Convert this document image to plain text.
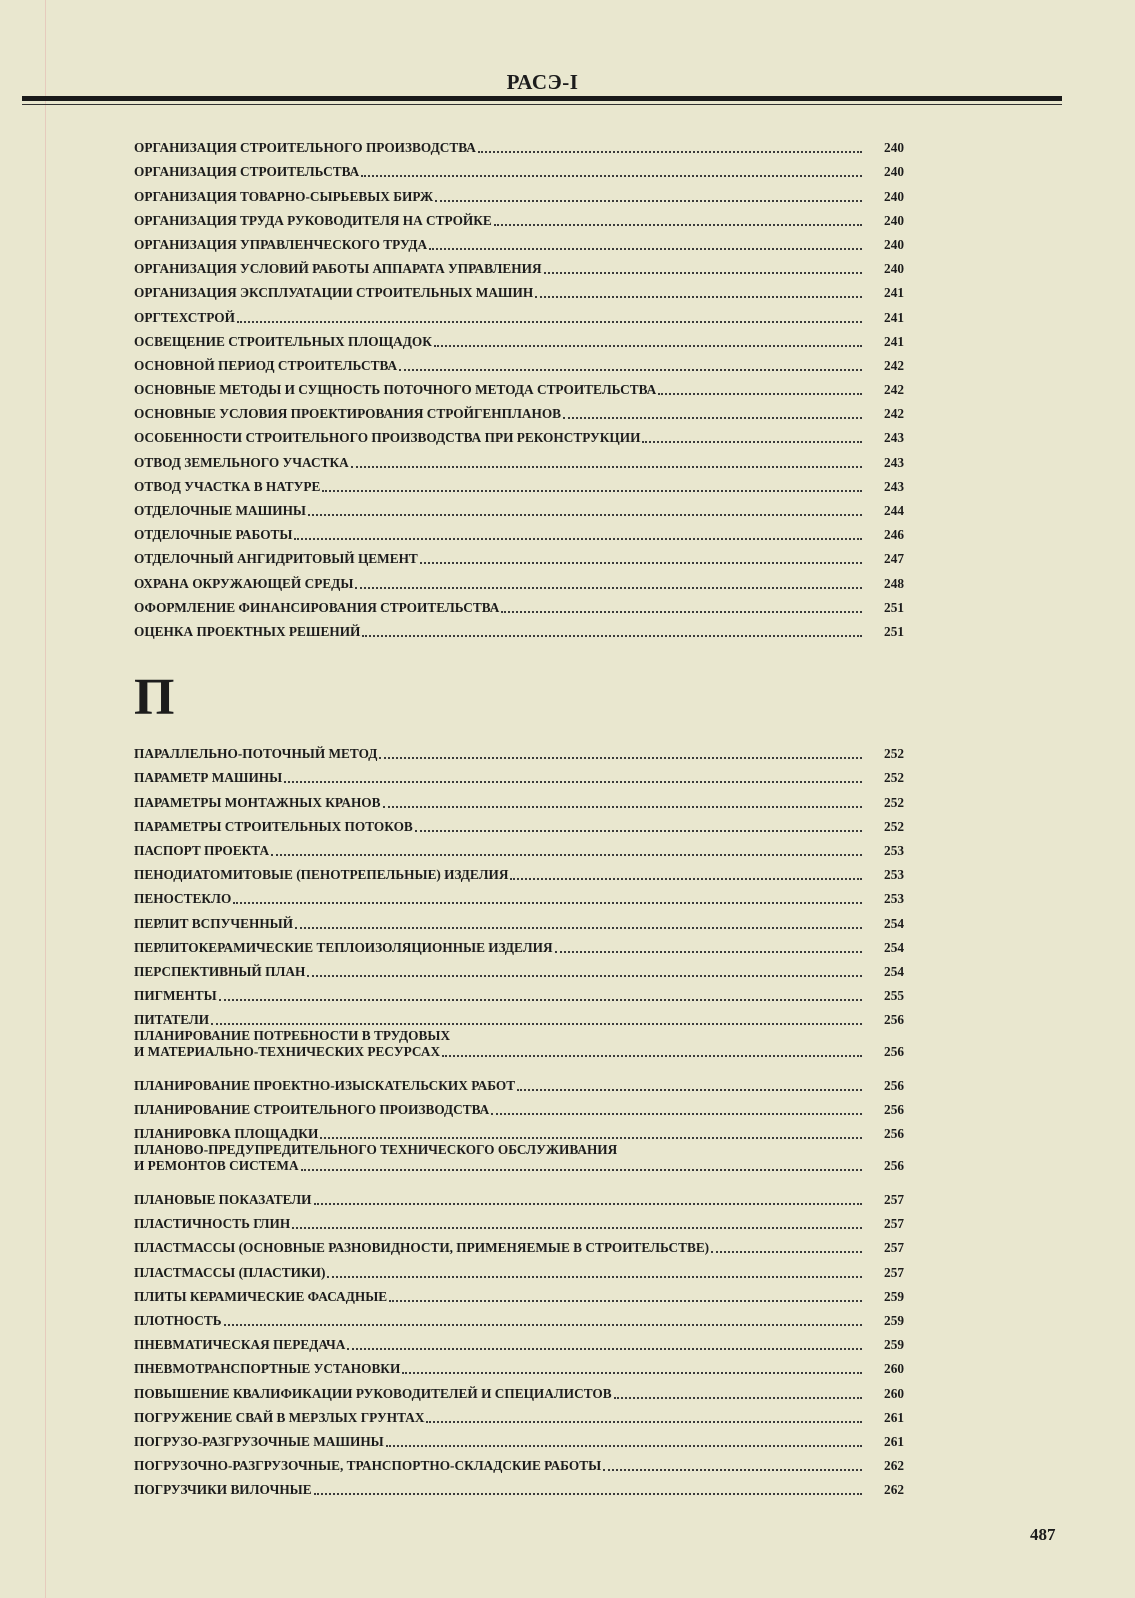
РАСЭ-I
ОРГАНИЗАЦИЯ СТРОИТЕЛЬНОГО ПРОИЗВОДСТВА	240
ОРГАНИЗАЦИЯ СТРОИТЕЛЬСТВА	240
ОРГАНИЗАЦИЯ ТОВАРНО-СЫРЬЕВЫХ БИРЖ	240
ОРГАНИЗАЦИЯ ТРУДА РУКОВОДИТЕЛЯ НА СТРОЙКЕ	240
ОРГАНИЗАЦИЯ УПРАВЛЕНЧЕСКОГО ТРУДА	240
ОРГАНИЗАЦИЯ УСЛОВИЙ РАБОТЫ АППАРАТА УПРАВЛЕНИЯ	240
ОРГАНИЗАЦИЯ ЭКСПЛУАТАЦИИ СТРОИТЕЛЬНЫХ МАШИН	241
ОРГТЕХСТРОЙ	241
ОСВЕЩЕНИЕ СТРОИТЕЛЬНЫХ ПЛОЩАДОК	241
ОСНОВНОЙ ПЕРИОД СТРОИТЕЛЬСТВА	242
ОСНОВНЫЕ МЕТОДЫ И СУЩНОСТЬ ПОТОЧНОГО МЕТОДА СТРОИТЕЛЬСТВА	242
ОСНОВНЫЕ УСЛОВИЯ ПРОЕКТИРОВАНИЯ СТРОЙГЕНПЛАНОВ	242
ОСОБЕННОСТИ СТРОИТЕЛЬНОГО ПРОИЗВОДСТВА ПРИ РЕКОНСТРУКЦИИ	243
ОТВОД ЗЕМЕЛЬНОГО УЧАСТКА	243
ОТВОД УЧАСТКА В НАТУРЕ	243
ОТДЕЛОЧНЫЕ МАШИНЫ	244
ОТДЕЛОЧНЫЕ РАБОТЫ	246
ОТДЕЛОЧНЫЙ АНГИДРИТОВЫЙ ЦЕМЕНТ	247
ОХРАНА ОКРУЖАЮЩЕЙ СРЕДЫ	248
ОФОРМЛЕНИЕ ФИНАНСИРОВАНИЯ СТРОИТЕЛЬСТВА	251
ОЦЕНКА ПРОЕКТНЫХ РЕШЕНИЙ	251
П
ПАРАЛЛЕЛЬНО-ПОТОЧНЫЙ МЕТОД	252
ПАРАМЕТР МАШИНЫ	252
ПАРАМЕТРЫ МОНТАЖНЫХ КРАНОВ	252
ПАРАМЕТРЫ СТРОИТЕЛЬНЫХ ПОТОКОВ	252
ПАСПОРТ ПРОЕКТА	253
ПЕНОДИАТОМИТОВЫЕ (ПЕНОТРЕПЕЛЬНЫЕ) ИЗДЕЛИЯ	253
ПЕНОСТЕКЛО	253
ПЕРЛИТ ВСПУЧЕННЫЙ	254
ПЕРЛИТОКЕРАМИЧЕСКИЕ ТЕПЛОИЗОЛЯЦИОННЫЕ ИЗДЕЛИЯ	254
ПЕРСПЕКТИВНЫЙ ПЛАН	254
ПИГМЕНТЫ	255
ПИТАТЕЛИ	256
ПЛАНИРОВАНИЕ ПОТРЕБНОСТИ В ТРУДОВЫХ
И МАТЕРИАЛЬНО-ТЕХНИЧЕСКИХ РЕСУРСАХ	256
ПЛАНИРОВАНИЕ ПРОЕКТНО-ИЗЫСКАТЕЛЬСКИХ РАБОТ	256
ПЛАНИРОВАНИЕ СТРОИТЕЛЬНОГО ПРОИЗВОДСТВА	256
ПЛАНИРОВКА ПЛОЩАДКИ	256
ПЛАНОВО-ПРЕДУПРЕДИТЕЛЬНОГО ТЕХНИЧЕСКОГО ОБСЛУЖИВАНИЯ
И РЕМОНТОВ СИСТЕМА	256
ПЛАНОВЫЕ ПОКАЗАТЕЛИ	257
ПЛАСТИЧНОСТЬ ГЛИН	257
ПЛАСТМАССЫ (ОСНОВНЫЕ РАЗНОВИДНОСТИ, ПРИМЕНЯЕМЫЕ В СТРОИТЕЛЬСТВЕ)	257
ПЛАСТМАССЫ (ПЛАСТИКИ)	257
ПЛИТЫ КЕРАМИЧЕСКИЕ ФАСАДНЫЕ	259
ПЛОТНОСТЬ	259
ПНЕВМАТИЧЕСКАЯ ПЕРЕДАЧА	259
ПНЕВМОТРАНСПОРТНЫЕ УСТАНОВКИ	260
ПОВЫШЕНИЕ КВАЛИФИКАЦИИ РУКОВОДИТЕЛЕЙ И СПЕЦИАЛИСТОВ	260
ПОГРУЖЕНИЕ СВАЙ В МЕРЗЛЫХ ГРУНТАХ	261
ПОГРУЗО-РАЗГРУЗОЧНЫЕ МАШИНЫ	261
ПОГРУЗОЧНО-РАЗГРУЗОЧНЫЕ, ТРАНСПОРТНО-СКЛАДСКИЕ РАБОТЫ	262
ПОГРУЗЧИКИ ВИЛОЧНЫЕ	262
487
